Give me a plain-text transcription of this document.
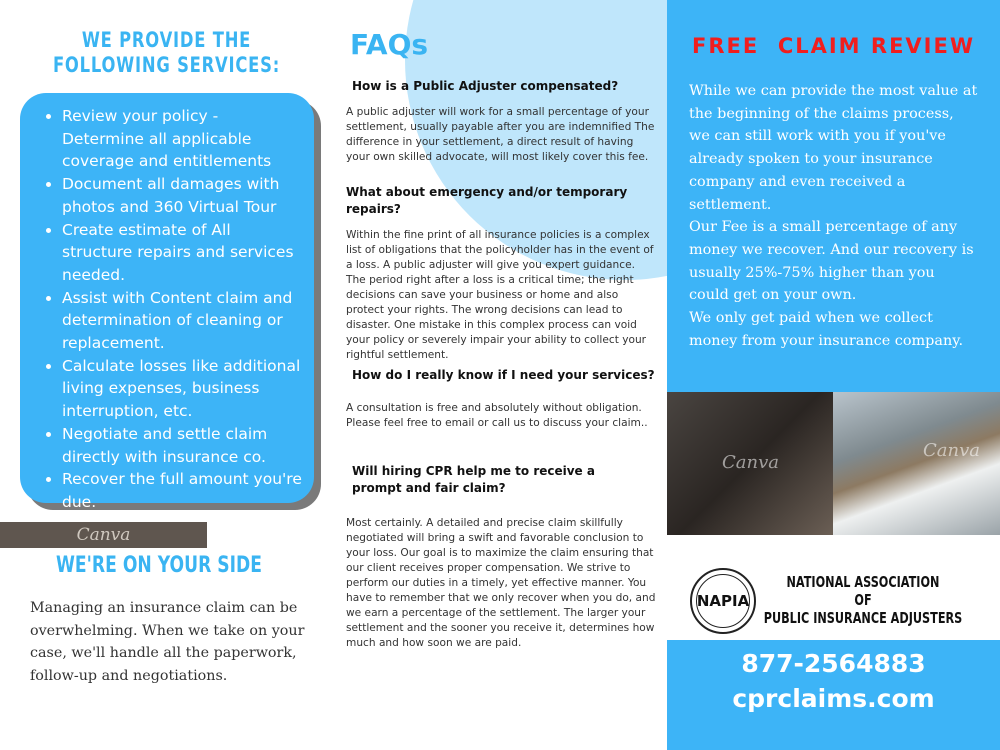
WE PROVIDE THE FOLLOWING SERVICES:
• Review your policy - Determine all applicable coverage and entitlements
• Document all damages with photos and 360 Virtual Tour
• Create estimate of All structure repairs and services needed.
• Assist with Content claim and determination of cleaning or replacement.
• Calculate losses like additional living expenses, business interruption, etc.
• Negotiate and settle claim directly with insurance co.
• Recover the full amount you're due.
Canva
WE'RE ON YOUR SIDE
Managing an insurance claim can be overwhelming. When we take on your case, we'll handle all the paperwork, follow-up and negotiations.
FAQs
How is a Public Adjuster compensated?
A public adjuster will work for a small percentage of your settlement, usually payable after you are indemnified The difference in your settlement, a direct result of having your own skilled advocate, will most likely cover this fee.
What about emergency and/or temporary repairs?
Within the fine print of all insurance policies is a complex list of obligations that the policyholder has in the event of a loss. A public adjuster will give you expert guidance. The period right after a loss is a critical time; the right decisions can save your business or home and also protect your rights. The wrong decisions can lead to disaster. One mistake in this complex process can void your policy or severely impair your ability to collect your rightful settlement.
How do I really know if I need your services?
A consultation is free and absolutely without obligation. Please feel free to email or call us to discuss your claim..
Will hiring CPR help me to receive a prompt and fair claim?
Most certainly. A detailed and precise claim skillfully negotiated will bring a swift and favorable conclusion to your loss. Our goal is to maximize the claim ensuring that our client receives proper compensation. We strive to perform our duties in a timely, yet effective manner. You have to remember that we only recover when you do, and we earn a percentage of the settlement. The larger your settlement and the sooner you receive it, determines how much and how soon we are paid.
FREE  CLAIM REVIEW
While we can provide the most value at the beginning of the claims process, we can still work with you if you've already spoken to your insurance company and even received a settlement.
Our Fee is a small percentage of any money we recover. And our recovery is usually 25%-75% higher than you could get on your own.
We only get paid when we collect money from your insurance company.
Canva
Canva
NAPIA
NATIONAL ASSOCIATION
OF
PUBLIC INSURANCE ADJUSTERS
877-2564883
cprclaims.com
